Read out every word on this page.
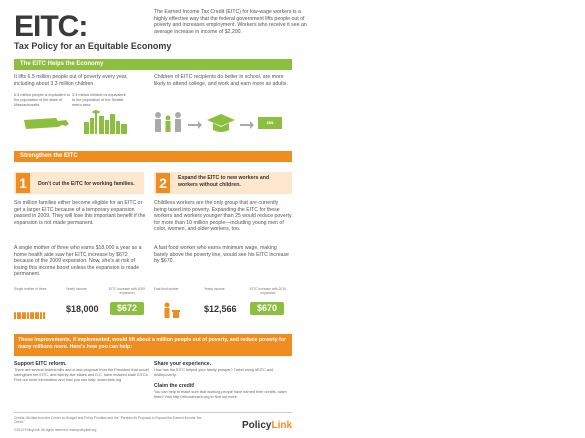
EITC:
Tax Policy for an Equitable Economy
The Earned Income Tax Credit (EITC) for low-wage workers is a highly effective way that the federal government lifts people out of poverty and increases employment. Workers who receive it see an average increase in income of $2,200.
The EITC Helps the Economy
It lifts 6.5 million people out of poverty every year, including about 3.3 million children.
6.5 million people is equivalent to the population of the state of Massachusetts
3.3 million children is equivalent to the population of the Seattle metro area
Children of EITC recipients do better in school, are more likely to attend college, and work and earn more as adults.
$$$
Strengthen the EITC
1	Don't cut the EITC for working families.	2	Expand the EITC to new workers and workers without children.
Six million families either become eligible for an EITC or get a larger EITC because of a temporary expansion passed in 2009. They will lose this important benefit if the expansion is not made permanent.
Childless workers are the only group that are currently being taxed into poverty. Expanding the EITC for these workers and workers younger than 25 would reduce poverty for more than 10 million people—including young men of color, women, and older workers, too.
A single mother of three who earns $18,000 a year as a home health aide saw her EITC increase by $672 because of the 2009 expansion. Now, she's at risk of losing this income boost unless the expansion is made permanent.
A fast food worker who earns minimum wage, making barely above the poverty line, would see his EITC increase by $670.
Single mother of three	Yearly income	EITC increase with 2009 expansion
$18,000	$672
Fast food worker	Yearly income	EITC increase with 2015 expansion
$12,566	$670
These improvements, if implemented, would lift about a million people out of poverty, and reduce poverty for many millions more. Here's how you can help:
Support EITC reform.
There are several federal bills and a new proposal from the President that would strengthen the EITC, and twenty-five states and D.C. have enacted state EITCs. Find out more information and how you can help: www.rbeis.org
Share your experience.
How has the EITC helped your family prosper? Tweet using #EITC and #Allinpoverty.
Claim the credit!
You can help to make sure that working people have earned their credits. claim them! Visit http://eitcoutreach.org to find out more.
Credits: All data from the Center on Budget and Policy Priorities and the "President's Proposal to Expand the Earned Income Tax Credit."
©2014 PolicyLink. All rights reserved. www.policylink.org	PolicyLink
